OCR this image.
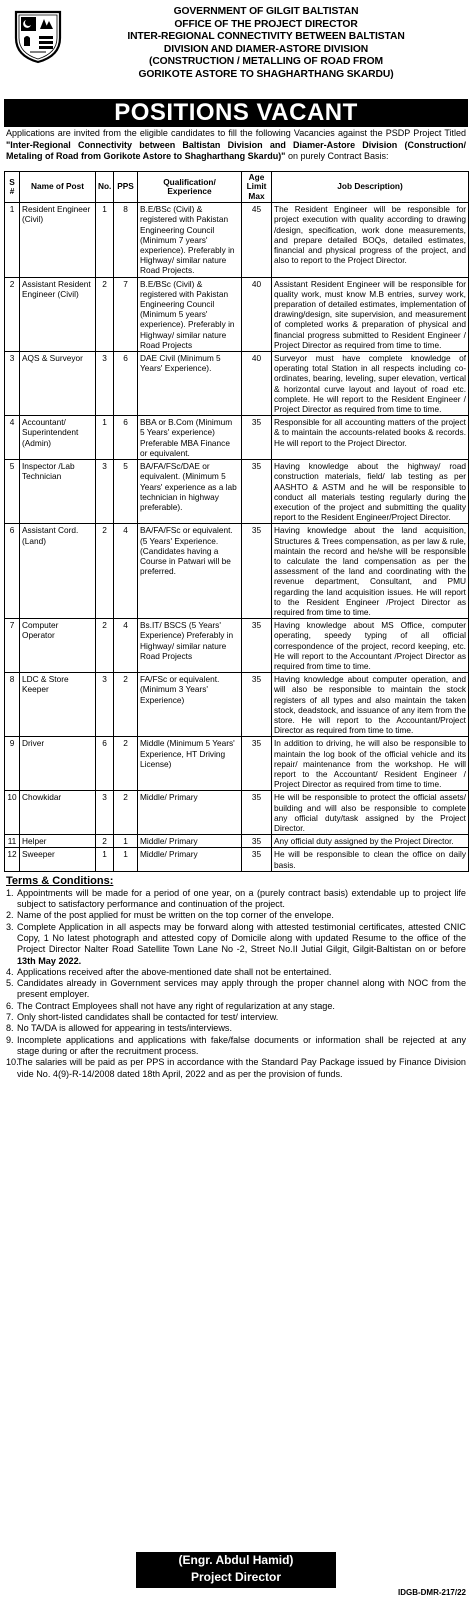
GOVERNMENT OF GILGIT BALTISTAN
OFFICE OF THE PROJECT DIRECTOR
INTER-REGIONAL CONNECTIVITY BETWEEN BALTISTAN
DIVISION AND DIAMER-ASTORE DIVISION
(CONSTRUCTION / METALLING OF ROAD FROM
GORIKOTE ASTORE TO SHAGHARTHANG SKARDU)
POSITIONS VACANT
Applications are invited from the eligible candidates to fill the following Vacancies against the PSDP Project Titled "Inter-Regional Connectivity between Baltistan Division and Diamer-Astore Division (Construction/ Metaling of Road from Gorikote Astore to Shagharthang Skardu)" on purely Contract Basis:
S #	Name of Post	No.	PPS	Qualification/ Experience	Age Limit Max	Job Description)
1	Resident Engineer (Civil)	1	8	B.E/BSc (Civil) & registered with Pakistan Engineering Council (Minimum 7 years' experience). Preferably in Highway/ similar nature Road Projects.	45	The Resident Engineer will be responsible for project execution with quality according to drawing /design, specification, work done measurements, and prepare detailed BOQs, detailed estimates, financial and physical progress of the project, and also to report to the Project Director.
2	Assistant Resident Engineer (Civil)	2	7	B.E/BSc (Civil) & registered with Pakistan Engineering Council (Minimum 5 years' experience). Preferably in Highway/ similar nature Road Projects	40	Assistant Resident Engineer will be responsible for quality work, must know M.B entries, survey work, preparation of detailed estimates, implementation of drawing/design, site supervision, and measurement of completed works & preparation of physical and financial progress submitted to Resident Engineer / Project Director as required from time to time.
3	AQS & Surveyor	3	6	DAE Civil (Minimum 5 Years' Experience).	40	Surveyor must have complete knowledge of operating total Station in all respects including co-ordinates, bearing, leveling, super elevation, vertical & horizontal curve layout and layout of road etc. complete. He will report to the Resident Engineer / Project Director as required from time to time.
4	Accountant/ Superintendent (Admin)	1	6	BBA or B.Com (Minimum 5 Years' experience) Preferable MBA Finance or equivalent.	35	Responsible for all accounting matters of the project & to maintain the accounts-related books & records. He will report to the Project Director.
5	Inspector /Lab Technician	3	5	BA/FA/FSc/DAE or equivalent. (Minimum 5 Years' experience as a lab technician in highway preferable).	35	Having knowledge about the highway/ road construction materials, field/ lab testing as per AASHTO & ASTM and he will be responsible to conduct all materials testing regularly during the execution of the project and submitting the quality report to the Resident Engineer/Project Director.
6	Assistant Cord. (Land)	2	4	BA/FA/FSc or equivalent. (5 Years' Experience. (Candidates having a Course in Patwari will be preferred.	35	Having knowledge about the land acquisition, Structures & Trees compensation, as per law & rule, maintain the record and he/she will be responsible to calculate the land compensation as per the assessment of the land and coordinating with the revenue department, Consultant, and PMU regarding the land acquisition issues. He will report to the Resident Engineer /Project Director as required from time to time.
7	Computer Operator	2	4	Bs.IT/ BSCS (5 Years' Experience) Preferably in Highway/ similar nature Road Projects	35	Having knowledge about MS Office, computer operating, speedy typing of all official correspondence of the project, record keeping, etc. He will report to the Accountant /Project Director as required from time to time.
8	LDC & Store Keeper	3	2	FA/FSc or equivalent. (Minimum 3 Years' Experience)	35	Having knowledge about computer operation, and will also be responsible to maintain the stock registers of all types and also maintain the taken stock, deadstock, and issuance of any item from the store. He will report to the Accountant/Project Director as required from time to time.
9	Driver	6	2	Middle (Minimum 5 Years' Experience, HT Driving License)	35	In addition to driving, he will also be responsible to maintain the log book of the official vehicle and its repair/ maintenance from the workshop. He will report to the Accountant/ Resident Engineer / Project Director as required from time to time.
10	Chowkidar	3	2	Middle/ Primary	35	He will be responsible to protect the official assets/ building and will also be responsible to complete any official duty/task assigned by the Project Director.
11	Helper	2	1	Middle/ Primary	35	Any official duty assigned by the Project Director.
12	Sweeper	1	1	Middle/ Primary	35	He will be responsible to clean the office on daily basis.
Terms & Conditions:
1. Appointments will be made for a period of one year, on a (purely contract basis) extendable up to project life subject to satisfactory performance and continuation of the project.
2. Name of the post applied for must be written on the top corner of the envelope.
3. Complete Application in all aspects may be forward along with attested testimonial certificates, attested CNIC Copy, 1 No latest photograph and attested copy of Domicile along with updated Resume to the office of the Project Director Nalter Road Satellite Town Lane No -2, Street No.II Jutial Gilgit, Gilgit-Baltistan on or before 13th May 2022.
4. Applications received after the above-mentioned date shall not be entertained.
5. Candidates already in Government services may apply through the proper channel along with NOC from the present employer.
6. The Contract Employees shall not have any right of regularization at any stage.
7. Only short-listed candidates shall be contacted for test/ interview.
8. No TA/DA is allowed for appearing in tests/interviews.
9. Incomplete applications and applications with fake/false documents or information shall be rejected at any stage during or after the recruitment process.
10.
The salaries will be paid as per PPS in accordance with the Standard Pay Package issued by Finance Division vide No. 4(9)-R-14/2008 dated 18th April, 2022 and as per the provision of funds.
(Engr. Abdul Hamid)
Project Director
IDGB-DMR-217/22
